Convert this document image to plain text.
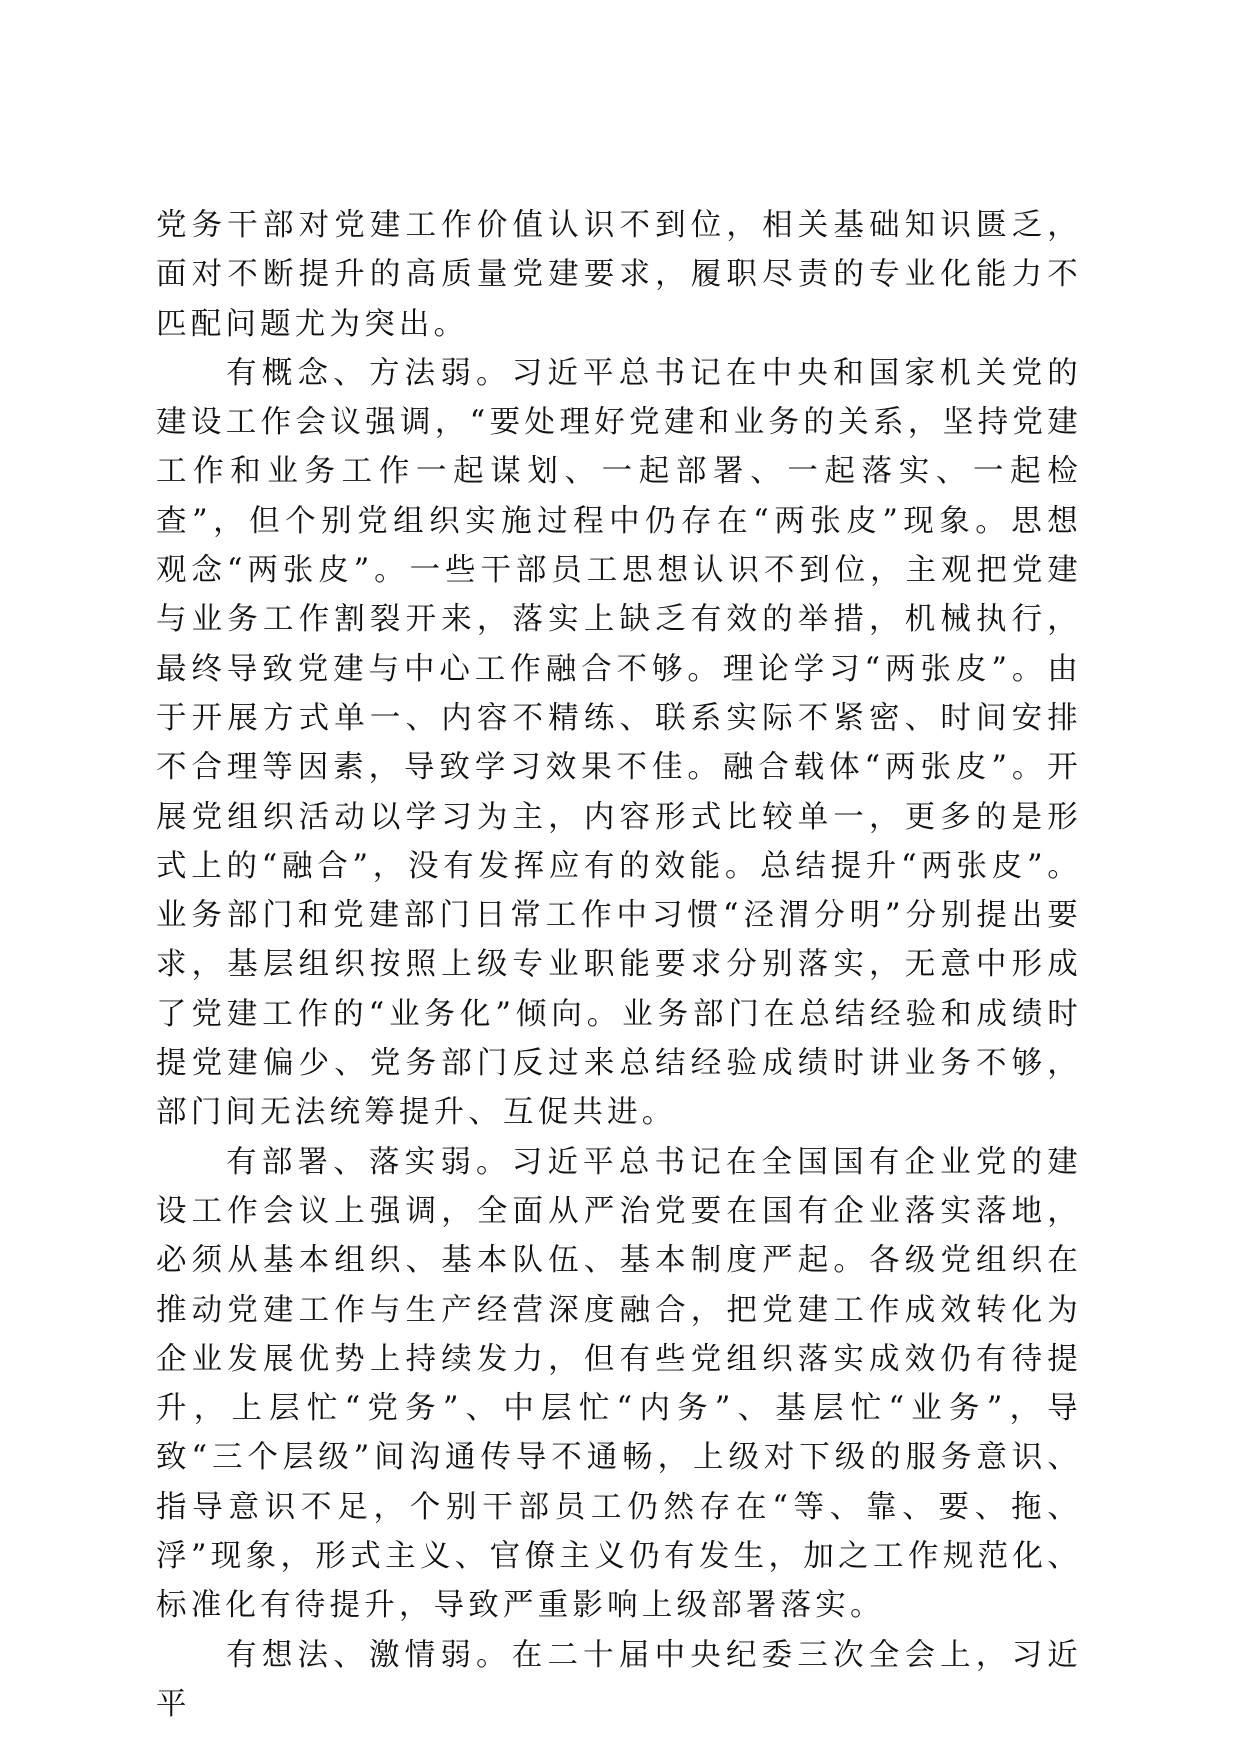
党务干部对党建工作价值认识不到位，相关基础知识匮乏，面对不断提升的高质量党建要求，履职尽责的专业化能力不匹配问题尤为突出。

有概念、方法弱。习近平总书记在中央和国家机关党的建设工作会议强调，“要处理好党建和业务的关系，坚持党建工作和业务工作一起谋划、一起部署、一起落实、一起检查”，但个别党组织实施过程中仍存在“两张皮”现象。思想观念“两张皮”。一些干部员工思想认识不到位，主观把党建与业务工作割裂开来，落实上缺乏有效的举措，机械执行，最终导致党建与中心工作融合不够。理论学习“两张皮”。由于开展方式单一、内容不精练、联系实际不紧密、时间安排不合理等因素，导致学习效果不佳。融合载体“两张皮”。开展党组织活动以学习为主，内容形式比较单一，更多的是形式上的“融合”，没有发挥应有的效能。总结提升“两张皮”。业务部门和党建部门日常工作中习惯“泾渭分明”分别提出要求，基层组织按照上级专业职能要求分别落实，无意中形成了党建工作的“业务化”倾向。业务部门在总结经验和成绩时提党建偏少、党务部门反过来总结经验成绩时讲业务不够，部门间无法统筹提升、互促共进。

有部署、落实弱。习近平总书记在全国国有企业党的建设工作会议上强调，全面从严治党要在国有企业落实落地，必须从基本组织、基本队伍、基本制度严起。各级党组织在推动党建工作与生产经营深度融合，把党建工作成效转化为企业发展优势上持续发力，但有些党组织落实成效仍有待提升，上层忙“党务”、中层忙“内务”、基层忙“业务”，导致“三个层级”间沟通传导不通畅，上级对下级的服务意识、指导意识不足，个别干部员工仍然存在“等、靠、要、拖、浮”现象，形式主义、官僚主义仍有发生，加之工作规范化、标准化有待提升，导致严重影响上级部署落实。

有想法、激情弱。在二十届中央纪委三次全会上，习近平
